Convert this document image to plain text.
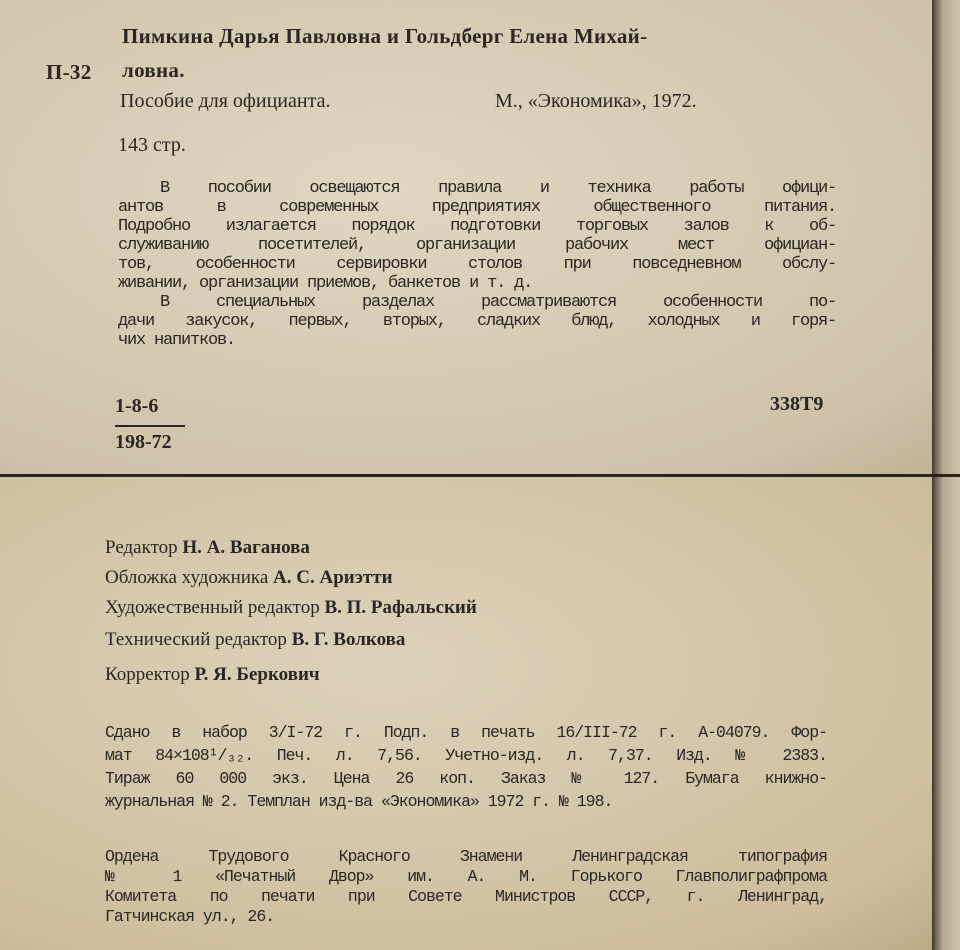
Пимкина Дарья Павловна и Гольдберг Елена Михай-
П-32 ловна.
Пособие для официанта.	М., «Экономика», 1972.
143 стр.
В пособии освещаются правила и техника работы офици-
антов в современных предприятиях общественного питания.
Подробно излагается порядок подготовки торговых залов к об-
служиванию посетителей, организации рабочих мест официан-
тов, особенности сервировки столов при повседневном обслу-
живании, организации приемов, банкетов и т. д.
В специальных разделах рассматриваются особенности по-
дачи закусок, первых, вторых, сладких блюд, холодных и горя-
чих напитков.
1-8-6
198-72
338Т9
Редактор Н. А. Ваганова
Обложка художника А. С. Ариэтти
Художественный редактор В. П. Рафальский
Технический редактор В. Г. Волкова
Корректор Р. Я. Беркович
Сдано в набор 3/I-72 г. Подп. в печать 16/III-72 г. А-04079. Фор-
мат 84×108¹/₃₂. Печ. л. 7,56. Учетно-изд. л. 7,37. Изд. № 2383.
Тираж 60 000 экз. Цена 26 коп. Заказ № 127. Бумага книжно-
журнальная № 2. Темплан изд-ва «Экономика» 1972 г. № 198.
Ордена Трудового Красного Знамени Ленинградская типография
№ 1 «Печатный Двор» им. А. М. Горького Главполиграфпрома
Комитета по печати при Совете Министров СССР, г. Ленинград,
Гатчинская ул., 26.
